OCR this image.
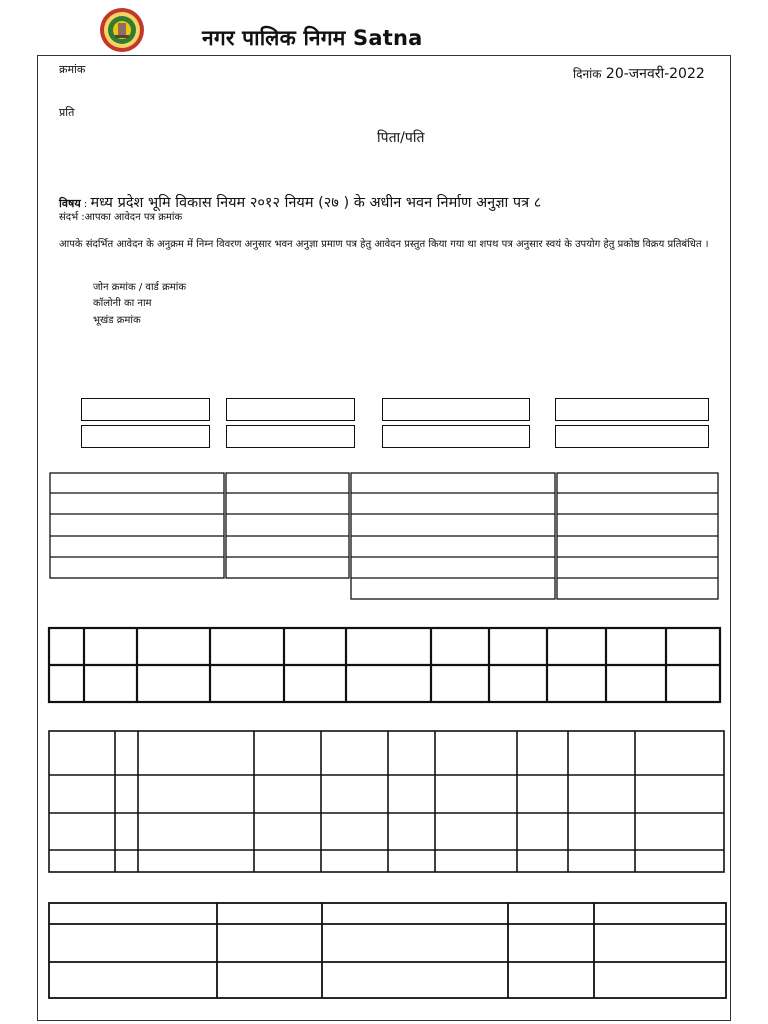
नगर पालिक निगम Satna
क्रमांक	दिनांक 20-जनवरी-2022
प्रति
पिता/पति
विषय : मध्य प्रदेश भूमि विकास नियम २०१२ नियम (२७ ) के अधीन भवन निर्माण अनुज्ञा पत्र ८
संदर्भ :आपका आवेदन पत्र क्रमांक
आपके संदर्भित आवेदन के अनुक्रम में निम्न विवरण अनुसार भवन अनुज्ञा प्रमाण पत्र हेतु आवेदन प्रस्तुत किया गया था शपथ पत्र अनुसार स्वयं के उपयोग हेतु प्रकोष्ठ विक्रय प्रतिबंधित ।
जोन क्रमांक / वार्ड क्रमांक
कॉलोनी का नाम
भूखंड क्रमांक
